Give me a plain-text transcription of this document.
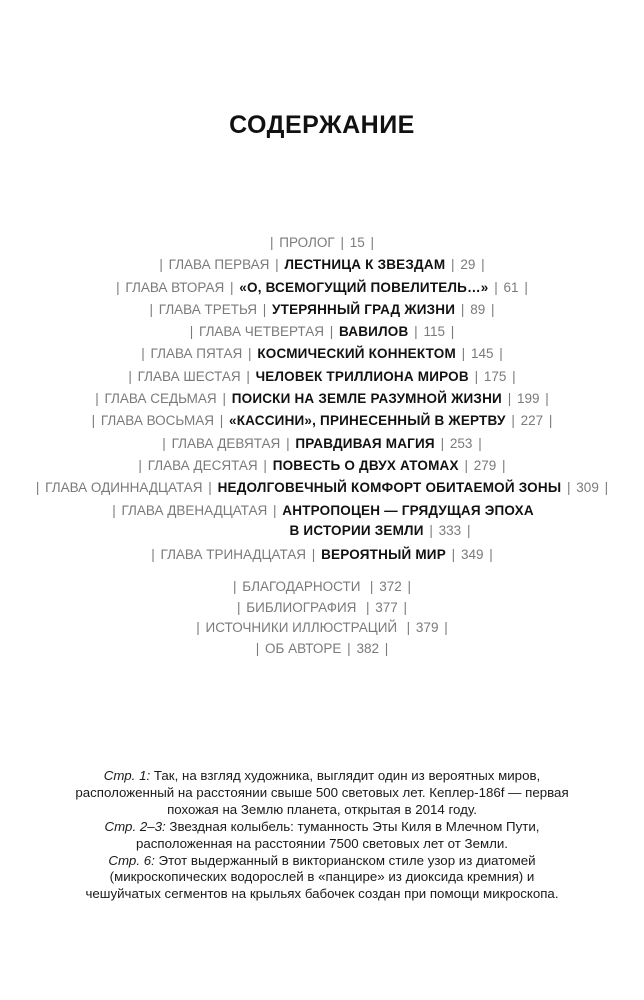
СОДЕРЖАНИЕ
| ПРОЛОГ | 15 |
| ГЛАВА ПЕРВАЯ | ЛЕСТНИЦА К ЗВЕЗДАМ | 29 |
| ГЛАВА ВТОРАЯ | «О, ВСЕМОГУЩИЙ ПОВЕЛИТЕЛЬ…» | 61 |
| ГЛАВА ТРЕТЬЯ | УТЕРЯННЫЙ ГРАД ЖИЗНИ | 89 |
| ГЛАВА ЧЕТВЕРТАЯ | ВАВИЛОВ | 115 |
| ГЛАВА ПЯТАЯ | КОСМИЧЕСКИЙ КОННЕКТОМ | 145 |
| ГЛАВА ШЕСТАЯ | ЧЕЛОВЕК ТРИЛЛИОНА МИРОВ | 175 |
| ГЛАВА СЕДЬМАЯ | ПОИСКИ НА ЗЕМЛЕ РАЗУМНОЙ ЖИЗНИ | 199 |
| ГЛАВА ВОСЬМАЯ | «КАССИНИ», ПРИНЕСЕННЫЙ В ЖЕРТВУ | 227 |
| ГЛАВА ДЕВЯТАЯ | ПРАВДИВАЯ МАГИЯ | 253 |
| ГЛАВА ДЕСЯТАЯ | ПОВЕСТЬ О ДВУХ АТОМАХ | 279 |
| ГЛАВА ОДИННАДЦАТАЯ | НЕДОЛГОВЕЧНЫЙ КОМФОРТ ОБИТАЕМОЙ ЗОНЫ | 309 |
| ГЛАВА ДВЕНАДЦАТАЯ | АНТРОПОЦЕН — ГРЯДУЩАЯ ЭПОХА
В ИСТОРИИ ЗЕМЛИ | 333 |
| ГЛАВА ТРИНАДЦАТАЯ | ВЕРОЯТНЫЙ МИР | 349 |
| БЛАГОДАРНОСТИ | 372 |
| БИБЛИОГРАФИЯ | 377 |
| ИСТОЧНИКИ ИЛЛЮСТРАЦИЙ | 379 |
| ОБ АВТОРЕ | 382 |
Стр. 1: Так, на взгляд художника, выглядит один из вероятных миров, расположенный на расстоянии свыше 500 световых лет. Кеплер-186f — первая похожая на Землю планета, открытая в 2014 году.
Стр. 2–3: Звездная колыбель: туманность Эты Киля в Млечном Пути, расположенная на расстоянии 7500 световых лет от Земли.
Стр. 6: Этот выдержанный в викторианском стиле узор из диатомей (микроскопических водорослей в «панцире» из диоксида кремния) и чешуйчатых сегментов на крыльях бабочек создан при помощи микроскопа.
